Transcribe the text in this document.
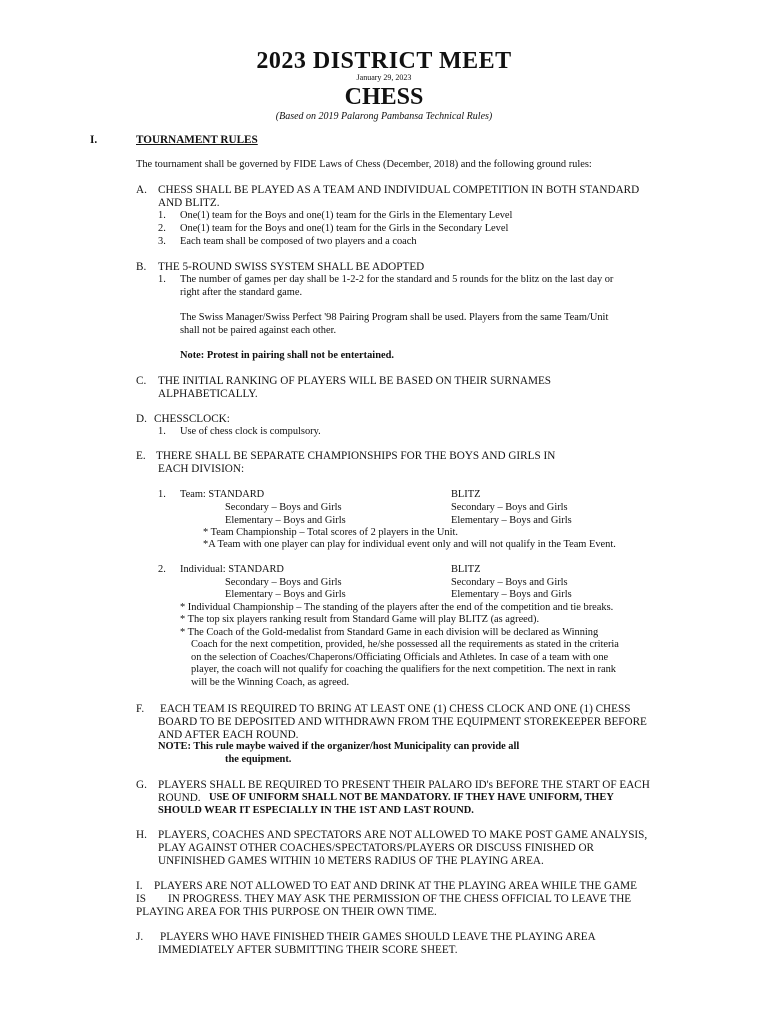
2023 DISTRICT MEET
January 29, 2023
CHESS
(Based on 2019 Palarong Pambansa Technical Rules)
I.	TOURNAMENT RULES
The tournament shall be governed by FIDE Laws of Chess (December, 2018) and the following ground rules:
A. CHESS SHALL BE PLAYED AS A TEAM AND INDIVIDUAL COMPETITION IN BOTH STANDARD
AND BLITZ.
1. One(1) team for the Boys and one(1) team for the Girls in the Elementary Level
2. One(1) team for the Boys and one(1) team for the Girls in the Secondary Level
3. Each team shall be composed of two players and a coach
B. THE 5-ROUND SWISS SYSTEM SHALL BE ADOPTED
1. The number of games per day shall be 1-2-2 for the standard and 5 rounds for the blitz on the last day or
right after the standard game.
The Swiss Manager/Swiss Perfect '98 Pairing Program shall be used. Players from the same Team/Unit
shall not be paired against each other.
Note: Protest in pairing shall not be entertained.
C. THE INITIAL RANKING OF PLAYERS WILL BE BASED ON THEIR SURNAMES
ALPHABETICALLY.
D. CHESSCLOCK:
1. Use of chess clock is compulsory.
E. THERE SHALL BE SEPARATE CHAMPIONSHIPS FOR THE BOYS AND GIRLS IN
EACH DIVISION:
1. Team: STANDARD	BLITZ
Secondary – Boys and Girls	Secondary – Boys and Girls
Elementary – Boys and Girls	Elementary – Boys and Girls
* Team Championship – Total scores of 2 players in the Unit.
*A Team with one player can play for individual event only and will not qualify in the Team Event.
2. Individual: STANDARD	BLITZ
Secondary – Boys and Girls	Secondary – Boys and Girls
Elementary – Boys and Girls	Elementary – Boys and Girls
* Individual Championship – The standing of the players after the end of the competition and tie breaks.
* The top six players ranking result from Standard Game will play BLITZ (as agreed).
* The Coach of the Gold-medalist from Standard Game in each division will be declared as Winning
Coach for the next competition, provided, he/she possessed all the requirements as stated in the criteria
on the selection of Coaches/Chaperons/Officiating Officials and Athletes. In case of a team with one
player, the coach will not qualify for coaching the qualifiers for the next competition. The next in rank
will be the Winning Coach, as agreed.
F. EACH TEAM IS REQUIRED TO BRING AT LEAST ONE (1) CHESS CLOCK AND ONE (1) CHESS
BOARD TO BE DEPOSITED AND WITHDRAWN FROM THE EQUIPMENT STOREKEEPER BEFORE
AND AFTER EACH ROUND.
NOTE: This rule maybe waived if the organizer/host Municipality can provide all
the equipment.
G. PLAYERS SHALL BE REQUIRED TO PRESENT THEIR PALARO ID's BEFORE THE START OF EACH
ROUND. USE OF UNIFORM SHALL NOT BE MANDATORY. IF THEY HAVE UNIFORM, THEY
SHOULD WEAR IT ESPECIALLY IN THE 1ST AND LAST ROUND.
H. PLAYERS, COACHES AND SPECTATORS ARE NOT ALLOWED TO MAKE POST GAME ANALYSIS,
PLAY AGAINST OTHER COACHES/SPECTATORS/PLAYERS OR DISCUSS FINISHED OR
UNFINISHED GAMES WITHIN 10 METERS RADIUS OF THE PLAYING AREA.
I. PLAYERS ARE NOT ALLOWED TO EAT AND DRINK AT THE PLAYING AREA WHILE THE GAME
IS IN PROGRESS. THEY MAY ASK THE PERMISSION OF THE CHESS OFFICIAL TO LEAVE THE
PLAYING AREA FOR THIS PURPOSE ON THEIR OWN TIME.
J. PLAYERS WHO HAVE FINISHED THEIR GAMES SHOULD LEAVE THE PLAYING AREA
IMMEDIATELY AFTER SUBMITTING THEIR SCORE SHEET.
